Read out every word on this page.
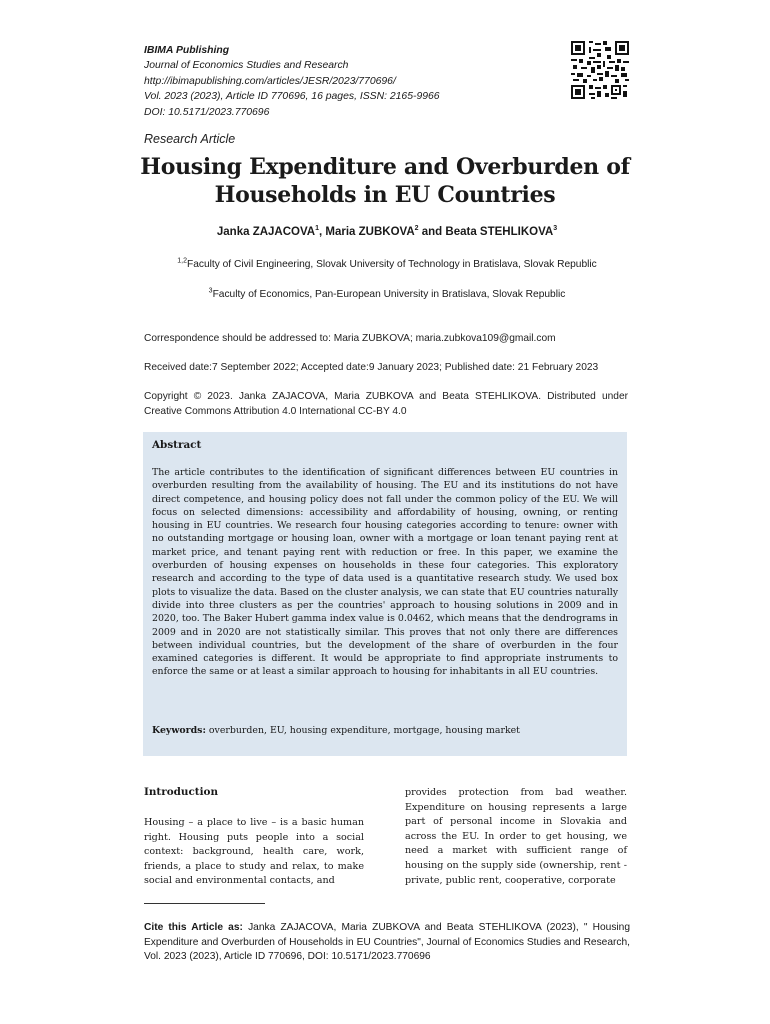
IBIMA Publishing
Journal of Economics Studies and Research
http://ibimapublishing.com/articles/JESR/2023/770696/
Vol. 2023 (2023), Article ID 770696, 16 pages, ISSN: 2165-9966
DOI: 10.5171/2023.770696
Research Article
Housing Expenditure and Overburden of
Households in EU Countries
Janka ZAJACOVA$^1$, Maria ZUBKOVA$^2$ and Beata STEHLIKOVA$^3$
$^{1,2}$Faculty of Civil Engineering, Slovak University of Technology in Bratislava, Slovak Republic
$^3$Faculty of Economics, Pan-European University in Bratislava, Slovak Republic
Correspondence should be addressed to: Maria ZUBKOVA; maria.zubkova109@gmail.com
Received date:7 September 2022; Accepted date:9 January 2023; Published date: 21 February 2023
Copyright © 2023. Janka ZAJACOVA, Maria ZUBKOVA and Beata STEHLIKOVA. Distributed under Creative Commons Attribution 4.0 International CC-BY 4.0
Abstract
The article contributes to the identification of significant differences between EU countries in overburden resulting from the availability of housing. The EU and its institutions do not have direct competence, and housing policy does not fall under the common policy of the EU. We will focus on selected dimensions: accessibility and affordability of housing, owning, or renting housing in EU countries. We research four housing categories according to tenure: owner with no outstanding mortgage or housing loan, owner with a mortgage or loan tenant paying rent at market price, and tenant paying rent with reduction or free. In this paper, we examine the overburden of housing expenses on households in these four categories. This exploratory research and according to the type of data used is a quantitative research study. We used box plots to visualize the data. Based on the cluster analysis, we can state that EU countries naturally divide into three clusters as per the countries' approach to housing solutions in 2009 and in 2020, too. The Baker Hubert gamma index value is 0.0462, which means that the dendrograms in 2009 and in 2020 are not statistically similar. This proves that not only there are differences between individual countries, but the development of the share of overburden in the four examined categories is different. It would be appropriate to find appropriate instruments to enforce the same or at least a similar approach to housing for inhabitants in all EU countries.
Keywords: overburden, EU, housing expenditure, mortgage, housing market
Introduction
Housing – a place to live – is a basic human right. Housing puts people into a social context: background, health care, work, friends, a place to study and relax, to make social and environmental contacts, and
provides protection from bad weather. Expenditure on housing represents a large part of personal income in Slovakia and across the EU. In order to get housing, we need a market with sufficient range of housing on the supply side (ownership, rent - private, public rent, cooperative, corporate
Cite this Article as: Janka ZAJACOVA, Maria ZUBKOVA and Beata STEHLIKOVA (2023), " Housing Expenditure and Overburden of Households in EU Countries", Journal of Economics Studies and Research, Vol. 2023 (2023), Article ID 770696, DOI: 10.5171/2023.770696
